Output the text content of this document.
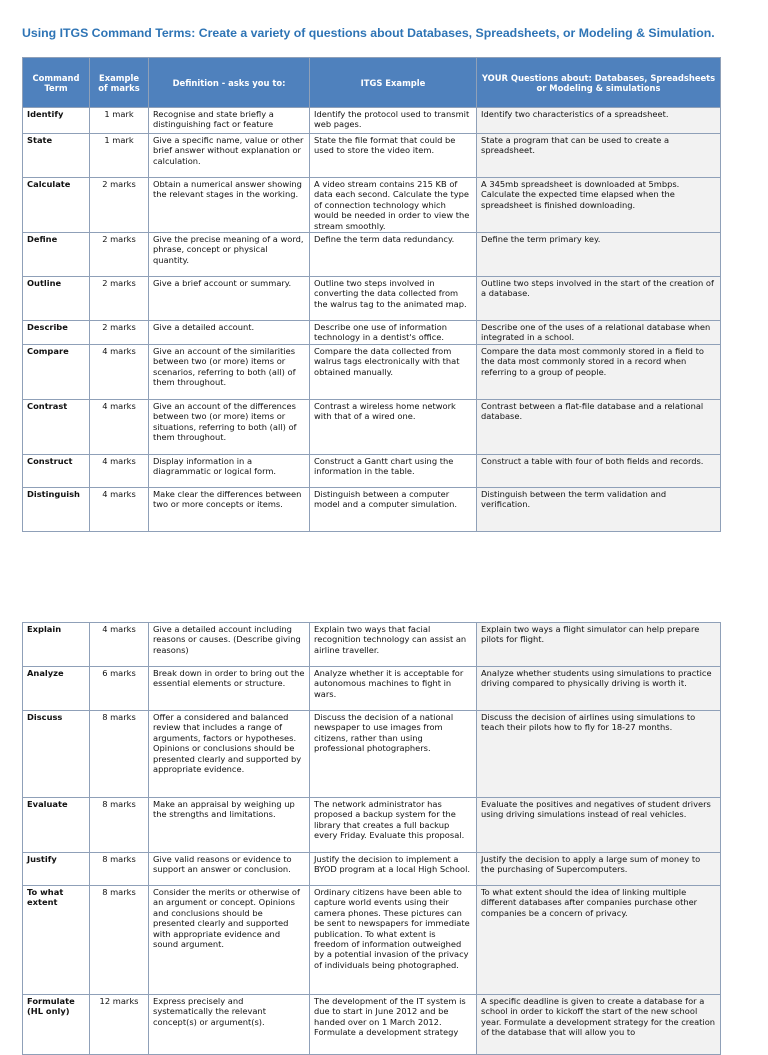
Using ITGS Command Terms: Create a variety of questions about Databases, Spreadsheets, or Modeling & Simulation.
Command Term	Example of marks	Definition - asks you to:	ITGS Example	YOUR Questions about: Databases, Spreadsheets or Modeling & simulations
Identify	1 mark	Recognise and state briefly a distinguishing fact or feature	Identify the protocol used to transmit web pages.	Identify two characteristics of a spreadsheet.
State	1 mark	Give a specific name, value or other brief answer without explanation or calculation.	State the file format that could be used to store the video item.	State a program that can be used to create a spreadsheet.
Calculate	2 marks	Obtain a numerical answer showing the relevant stages in the working.	A video stream contains 215 KB of data each second. Calculate the type of connection technology which would be needed in order to view the stream smoothly.	A 345mb spreadsheet is downloaded at 5mbps. Calculate the expected time elapsed when the spreadsheet is finished downloading.
Define	2 marks	Give the precise meaning of a word, phrase, concept or physical quantity.	Define the term data redundancy.	Define the term primary key.
Outline	2 marks	Give a brief account or summary.	Outline two steps involved in converting the data collected from the walrus tag to the animated map.	Outline two steps involved in the start of the creation of a database.
Describe	2 marks	Give a detailed account.	Describe one use of information technology in a dentist's office.	Describe one of the uses of a relational database when integrated in a school.
Compare	4 marks	Give an account of the similarities between two (or more) items or scenarios, referring to both (all) of them throughout.	Compare the data collected from walrus tags electronically with that obtained manually.	Compare the data most commonly stored in a field to the data most commonly stored in a record when referring to a group of people.
Contrast	4 marks	Give an account of the differences between two (or more) items or situations, referring to both (all) of them throughout.	Contrast a wireless home network with that of a wired one.	Contrast between a flat-file database and a relational database.
Construct	4 marks	Display information in a diagrammatic or logical form.	Construct a Gantt chart using the information in the table.	Construct a table with four of both fields and records.
Distinguish	4 marks	Make clear the differences between two or more concepts or items.	Distinguish between a computer model and a computer simulation.	Distinguish between the term validation and verification.
Explain	4 marks	Give a detailed account including reasons or causes. (Describe giving reasons)	Explain two ways that facial recognition technology can assist an airline traveller.	Explain two ways a flight simulator can help prepare pilots for flight.
Analyze	6 marks	Break down in order to bring out the essential elements or structure.	Analyze whether it is acceptable for autonomous machines to fight in wars.	Analyze whether students using simulations to practice driving compared to physically driving is worth it.
Discuss	8 marks	Offer a considered and balanced review that includes a range of arguments, factors or hypotheses. Opinions or conclusions should be presented clearly and supported by appropriate evidence.	Discuss the decision of a national newspaper to use images from citizens, rather than using professional photographers.	Discuss the decision of airlines using simulations to teach their pilots how to fly for 18-27 months.
Evaluate	8 marks	Make an appraisal by weighing up the strengths and limitations.	The network administrator has proposed a backup system for the library that creates a full backup every Friday. Evaluate this proposal.	Evaluate the positives and negatives of student drivers using driving simulations instead of real vehicles.
Justify	8 marks	Give valid reasons or evidence to support an answer or conclusion.	Justify the decision to implement a BYOD program at a local High School.	Justify the decision to apply a large sum of money to the purchasing of Supercomputers.
To what extent	8 marks	Consider the merits or otherwise of an argument or concept. Opinions and conclusions should be presented clearly and supported with appropriate evidence and sound argument.	Ordinary citizens have been able to capture world events using their camera phones. These pictures can be sent to newspapers for immediate publication. To what extent is freedom of information outweighed by a potential invasion of the privacy of individuals being photographed.	To what extent should the idea of linking multiple different databases after companies purchase other companies be a concern of privacy.
Formulate (HL only)	12 marks	Express precisely and systematically the relevant concept(s) or argument(s).	The development of the IT system is due to start in June 2012 and be handed over on 1 March 2012. Formulate a development strategy	A specific deadline is given to create a database for a school in order to kickoff the start of the new school year. Formulate a development strategy for the creation of the database that will allow you to
